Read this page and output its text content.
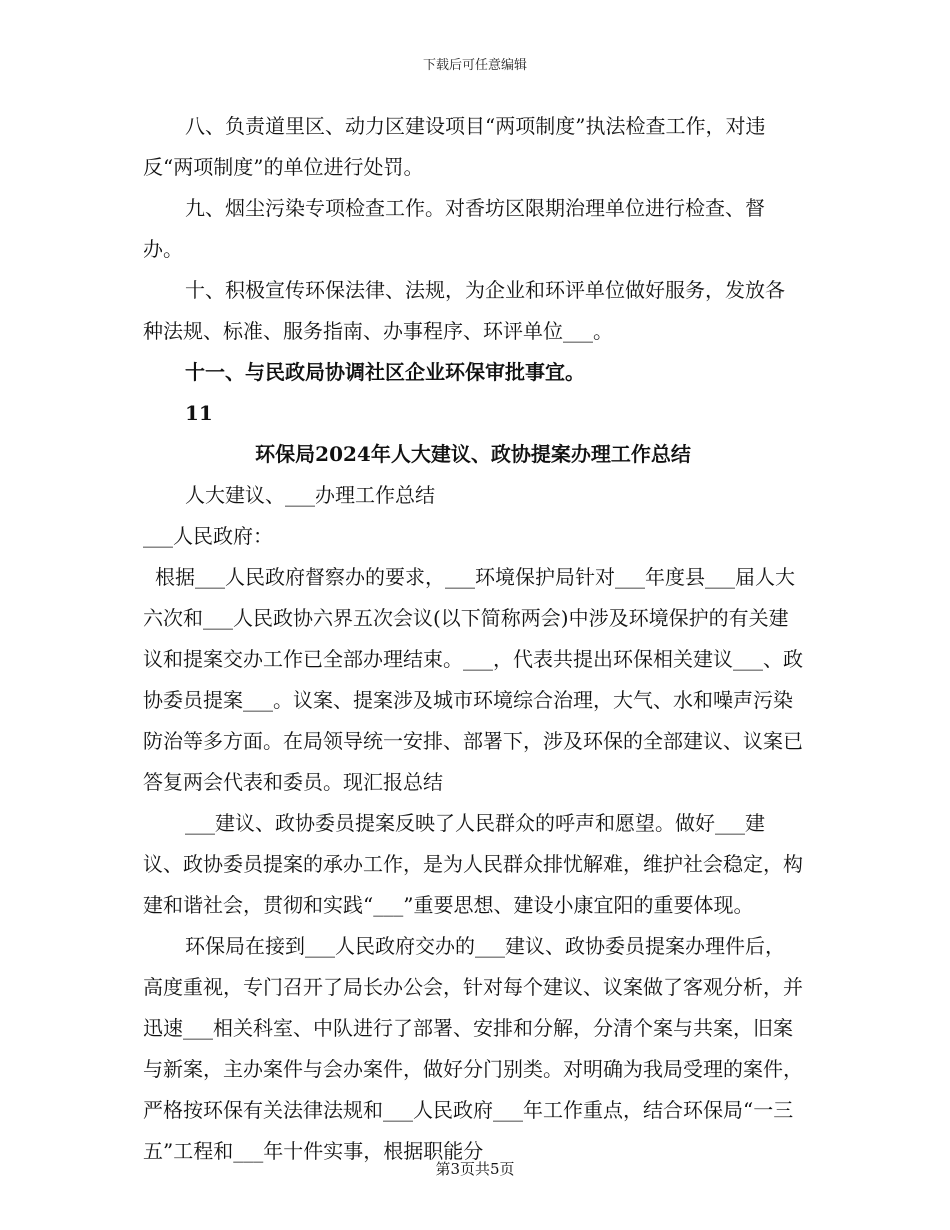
下载后可任意编辑

八、负责道里区、动力区建设项目“两项制度”执法检查工作，对违反“两项制度”的单位进行处罚。

九、烟尘污染专项检查工作。对香坊区限期治理单位进行检查、督办。

十、积极宣传环保法律、法规，为企业和环评单位做好服务，发放各种法规、标准、服务指南、办事程序、环评单位___。

十一、与民政局协调社区企业环保审批事宜。

11

环保局2024年人大建议、政协提案办理工作总结

人大建议、___办理工作总结

___人民政府：

根据___人民政府督察办的要求，___环境保护局针对___年度县___届人大六次和___人民政协六界五次会议(以下简称两会)中涉及环境保护的有关建议和提案交办工作已全部办理结束。___，代表共提出环保相关建议___、政协委员提案___。议案、提案涉及城市环境综合治理，大气、水和噪声污染防治等多方面。在局领导统一安排、部署下，涉及环保的全部建议、议案已答复两会代表和委员。现汇报总结

___建议、政协委员提案反映了人民群众的呼声和愿望。做好___建议、政协委员提案的承办工作，是为人民群众排忧解难，维护社会稳定，构建和谐社会，贯彻和实践“___”重要思想、建设小康宜阳的重要体现。

环保局在接到___人民政府交办的___建议、政协委员提案办理件后，高度重视，专门召开了局长办公会，针对每个建议、议案做了客观分析，并迅速___相关科室、中队进行了部署、安排和分解，分清个案与共案，旧案与新案，主办案件与会办案件，做好分门别类。对明确为我局受理的案件，严格按环保有关法律法规和___人民政府___年工作重点，结合环保局“一三五”工程和___年十件实事，根据职能分

第3页共5页
